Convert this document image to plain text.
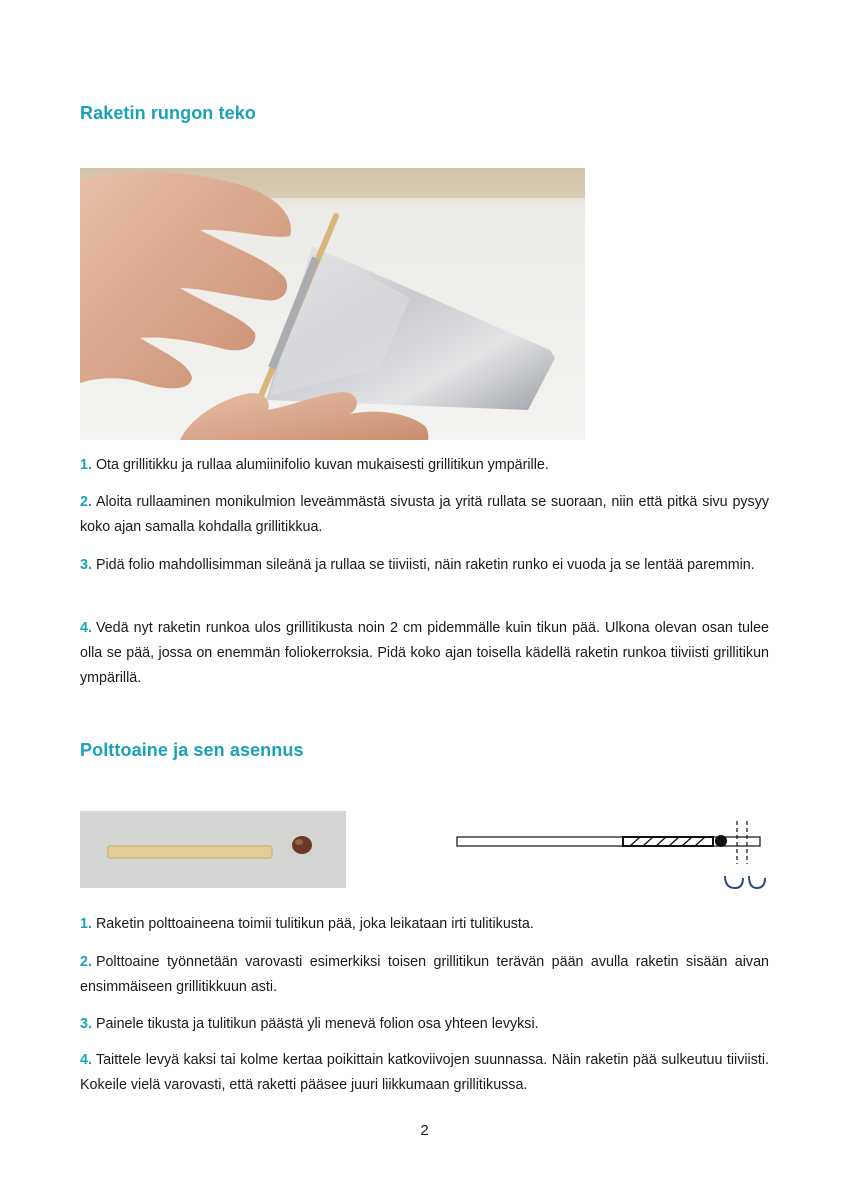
Raketin rungon teko

1. Ota grillitikku ja rullaa alumiinifolio kuvan mukaisesti grillitikun ympärille.

2. Aloita rullaaminen monikulmion leveämmästä sivusta ja yritä rullata se suoraan, niin että pitkä sivu pysyy koko ajan samalla kohdalla grillitikkua.

3. Pidä folio mahdollisimman sileänä ja rullaa se tiiviisti, näin raketin runko ei vuoda ja se lentää paremmin.

4. Vedä nyt raketin runkoa ulos grillitikusta noin 2 cm pidemmälle kuin tikun pää. Ulkona olevan osan tulee olla se pää, jossa on enemmän foliokerroksia. Pidä koko ajan toisella kädellä raketin runkoa tiiviisti grillitikun ympärillä.

Polttoaine ja sen asennus

1. Raketin polttoaineena toimii tulitikun pää, joka leikataan irti tulitikusta.

2. Polttoaine työnnetään varovasti esimerkiksi toisen grillitikun terävän pään avulla raketin sisään aivan ensimmäiseen grillitikkuun asti.

3. Painele tikusta ja tulitikun päästä yli menevä folion osa yhteen levyksi.

4. Taittele levyä kaksi tai kolme kertaa poikittain katkoviivojen suunnassa. Näin raketin pää sulkeutuu tiiviisti. Kokeile vielä varovasti, että raketti pääsee juuri liikkumaan grillitikussa.

2
